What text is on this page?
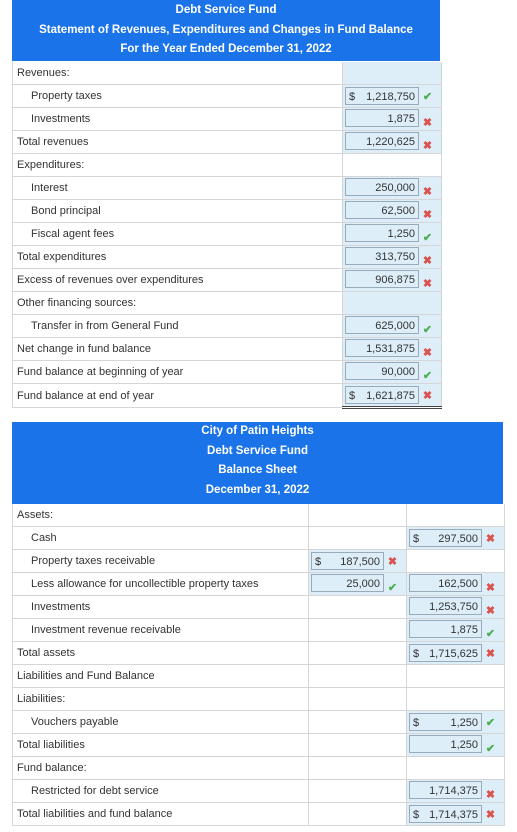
Debt Service Fund
Statement of Revenues, Expenditures and Changes in Fund Balance
For the Year Ended December 31, 2022
Revenues:	
Property taxes	$ 1,218,750 ✔
Investments	1,875 ✖
Total revenues	1,220,625 ✖
Expenditures:	
Interest	250,000 ✖
Bond principal	62,500 ✖
Fiscal agent fees	1,250 ✔
Total expenditures	313,750 ✖
Excess of revenues over expenditures	906,875 ✖
Other financing sources:	
Transfer in from General Fund	625,000 ✔
Net change in fund balance	1,531,875 ✖
Fund balance at beginning of year	90,000 ✔
Fund balance at end of year	$ 1,621,875 ✖
City of Patin Heights
Debt Service Fund
Balance Sheet
December 31, 2022
Assets:		
Cash		$ 297,500 ✖
Property taxes receivable	$ 187,500 ✖	
Less allowance for uncollectible property taxes	25,000 ✔	162,500 ✖
Investments		1,253,750 ✖
Investment revenue receivable		1,875 ✔
Total assets		$ 1,715,625 ✖
Liabilities and Fund Balance		
Liabilities:		
Vouchers payable		$ 1,250 ✔
Total liabilities		1,250 ✔
Fund balance:		
Restricted for debt service		1,714,375 ✖
Total liabilities and fund balance		$ 1,714,375 ✖
